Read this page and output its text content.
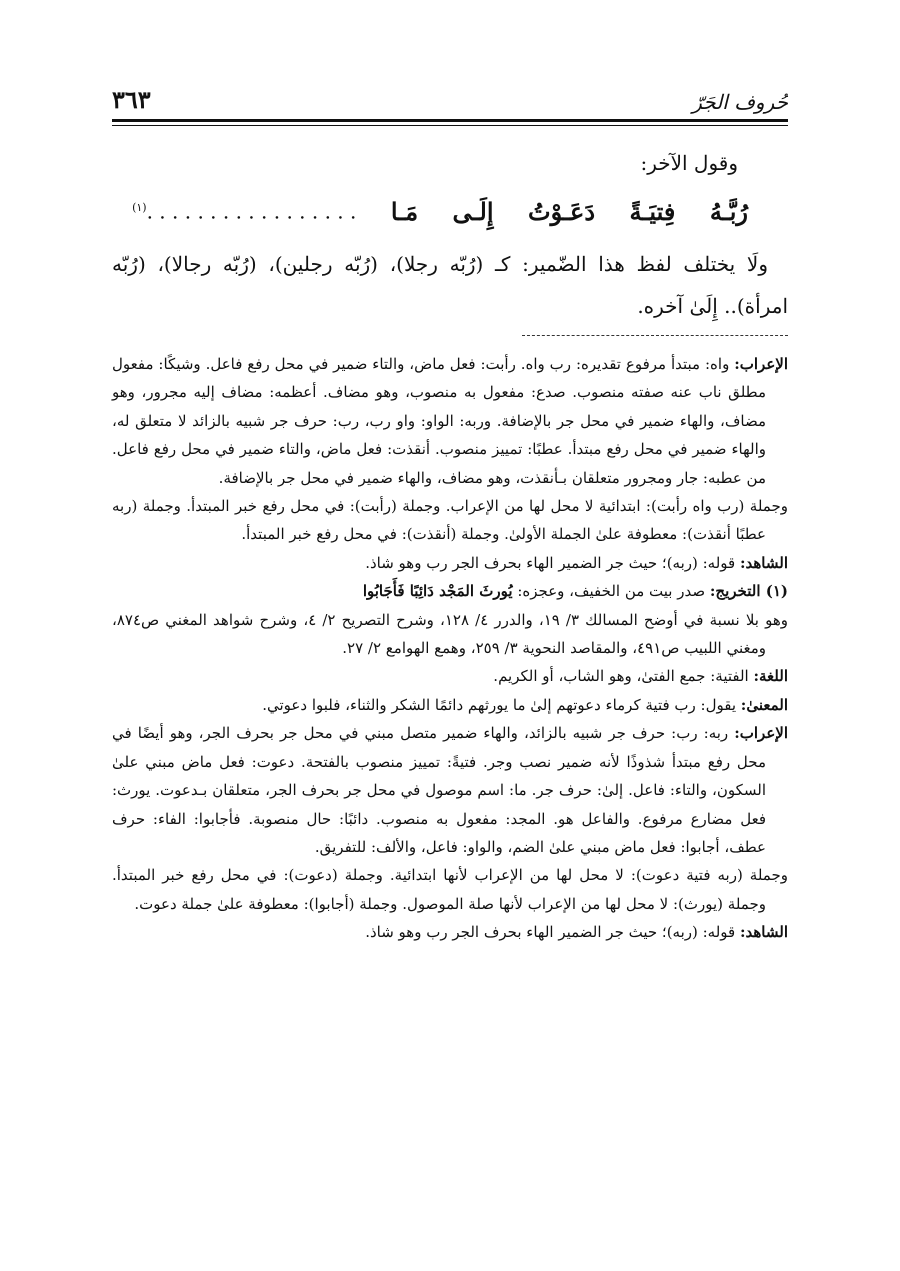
حُروف الجَرّ
٣٦٣

وقول الآخر:

رُبَّـهُ
فِتيَـةً
دَعَـوْتُ
إِلَـى
مَـا
. . . . . . . . . . . . . . . . .$^{(١)}$

ولَا يختلف لفظ هذا الضّمير: كـ (رُبّه رجلا)، (رُبّه رجلين)، (رُبّه رجالا)، (رُبّه امرأة).. إِلَىٰ آخره.

الإعراب: واه: مبتدأ مرفوع تقديره: رب واه. رأبت: فعل ماض، والتاء ضمير في محل رفع فاعل. وشيكًا: مفعول مطلق ناب عنه صفته منصوب. صدع: مفعول به منصوب، وهو مضاف. أعظمه: مضاف إليه مجرور، وهو مضاف، والهاء ضمير في محل جر بالإضافة. وربه: الواو: واو رب، رب: حرف جر شبيه بالزائد لا متعلق له، والهاء ضمير في محل رفع مبتدأ. عطبًا: تمييز منصوب. أنقذت: فعل ماض، والتاء ضمير في محل رفع فاعل. من عطبه: جار ومجرور متعلقان بـأنقذت، وهو مضاف، والهاء ضمير في محل جر بالإضافة.

وجملة (رب واه رأبت): ابتدائية لا محل لها من الإعراب. وجملة (رأبت): في محل رفع خبر المبتدأ. وجملة (ربه عطبًا أنقذت): معطوفة علىٰ الجملة الأولىٰ. وجملة (أنقذت): في محل رفع خبر المبتدأ.

الشاهد: قوله: (ربه)؛ حيث جر الضمير الهاء بحرف الجر رب وهو شاذ.

(١) التخريج: صدر بيت من الخفيف، وعجزه: يُورثَ المَجْد دَائِبًا فَأَجَابُوا

وهو بلا نسبة في أوضح المسالك ٣/ ١٩، والدرر ٤/ ١٢٨، وشرح التصريح ٢/ ٤، وشرح شواهد المغني ص٨٧٤، ومغني اللبيب ص٤٩١، والمقاصد النحوية ٣/ ٢٥٩، وهمع الهوامع ٢/ ٢٧.

اللغة: الفتية: جمع الفتىٰ، وهو الشاب، أو الكريم.

المعنىٰ: يقول: رب فتية كرماء دعوتهم إلىٰ ما يورثهم دائمًا الشكر والثناء، فلبوا دعوتي.

الإعراب: ربه: رب: حرف جر شبيه بالزائد، والهاء ضمير متصل مبني في محل جر بحرف الجر، وهو أيضًا في محل رفع مبتدأ شذوذًا لأنه ضمير نصب وجر. فتيةً: تمييز منصوب بالفتحة. دعوت: فعل ماض مبني علىٰ السكون، والتاء: فاعل. إلىٰ: حرف جر. ما: اسم موصول في محل جر بحرف الجر، متعلقان بـدعوت. يورث: فعل مضارع مرفوع. والفاعل هو. المجد: مفعول به منصوب. دائبًا: حال منصوبة. فأجابوا: الفاء: حرف عطف، أجابوا: فعل ماض مبني علىٰ الضم، والواو: فاعل، والألف: للتفريق.

وجملة (ربه فتية دعوت): لا محل لها من الإعراب لأنها ابتدائية. وجملة (دعوت): في محل رفع خبر المبتدأ. وجملة (يورث): لا محل لها من الإعراب لأنها صلة الموصول. وجملة (أجابوا): معطوفة علىٰ جملة دعوت.

الشاهد: قوله: (ربه)؛ حيث جر الضمير الهاء بحرف الجر رب وهو شاذ.
